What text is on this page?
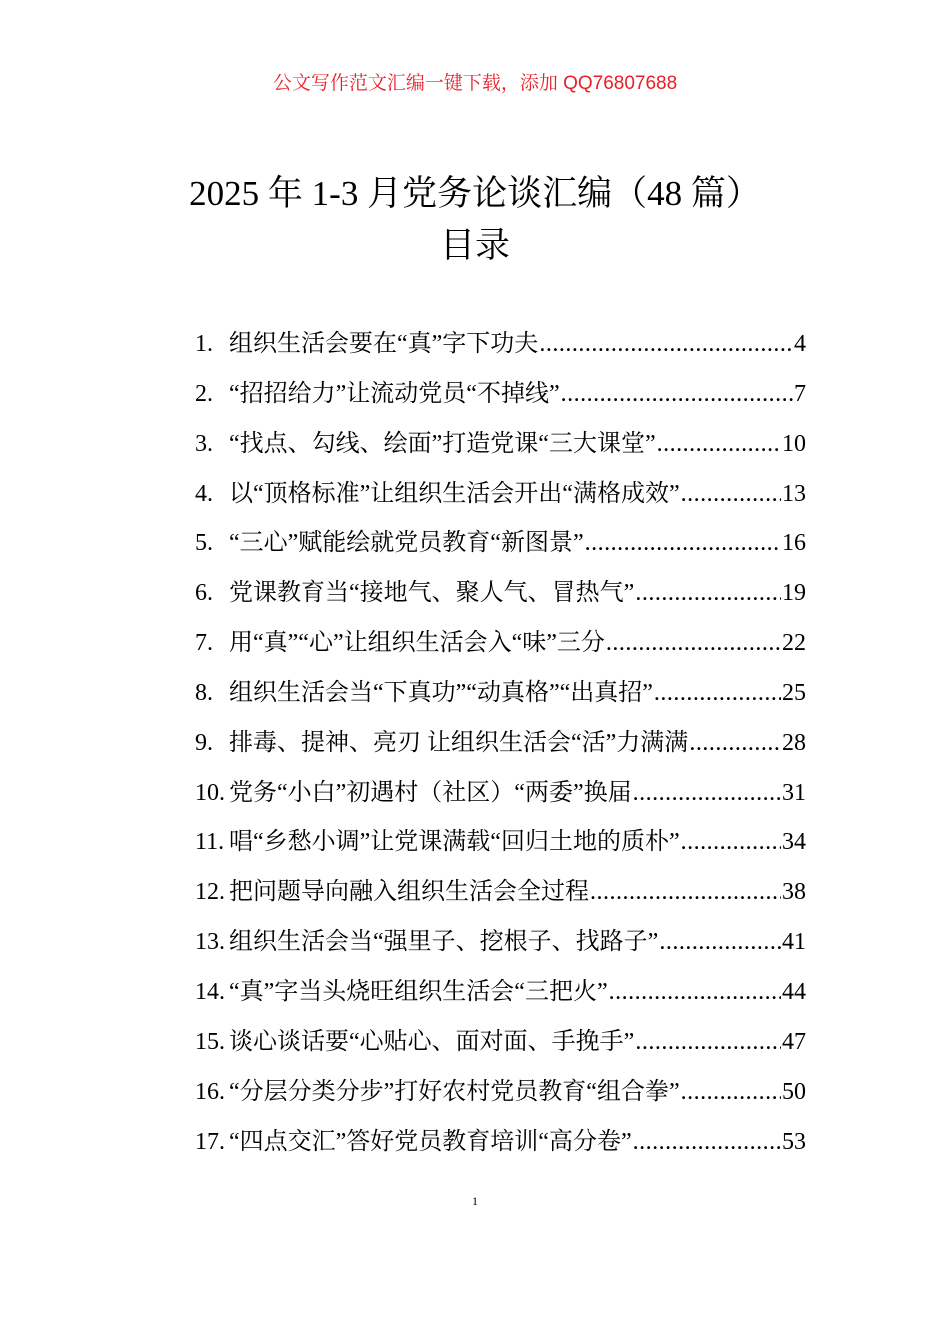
公文写作范文汇编一键下载，添加 QQ76807688
2025 年 1-3 月党务论谈汇编（48 篇）
目录
1. 组织生活会要在“真”字下功夫 .....	4
2. “招招给力”让流动党员“不掉线” .....	7
3. “找点、勾线、绘面”打造党课“三大课堂” .....	10
4. 以“顶格标准”让组织生活会开出“满格成效” .....	13
5. “三心”赋能绘就党员教育“新图景” .....	16
6. 党课教育当“接地气、聚人气、冒热气” .....	19
7. 用“真”“心”让组织生活会入“味”三分 .....	22
8. 组织生活会当“下真功”“动真格”“出真招” .....	25
9. 排毒、提神、亮刃 让组织生活会“活”力满满 .....	28
10. 党务“小白”初遇村（社区）“两委”换届 .....	31
11. 唱“乡愁小调”让党课满载“回归土地的质朴” .....	34
12. 把问题导向融入组织生活会全过程 .....	38
13. 组织生活会当“强里子、挖根子、找路子” .....	41
14. “真”字当头烧旺组织生活会“三把火” .....	44
15. 谈心谈话要“心贴心、面对面、手挽手” .....	47
16. “分层分类分步”打好农村党员教育“组合拳” .....	50
17. “四点交汇”答好党员教育培训“高分卷” .....	53
1
